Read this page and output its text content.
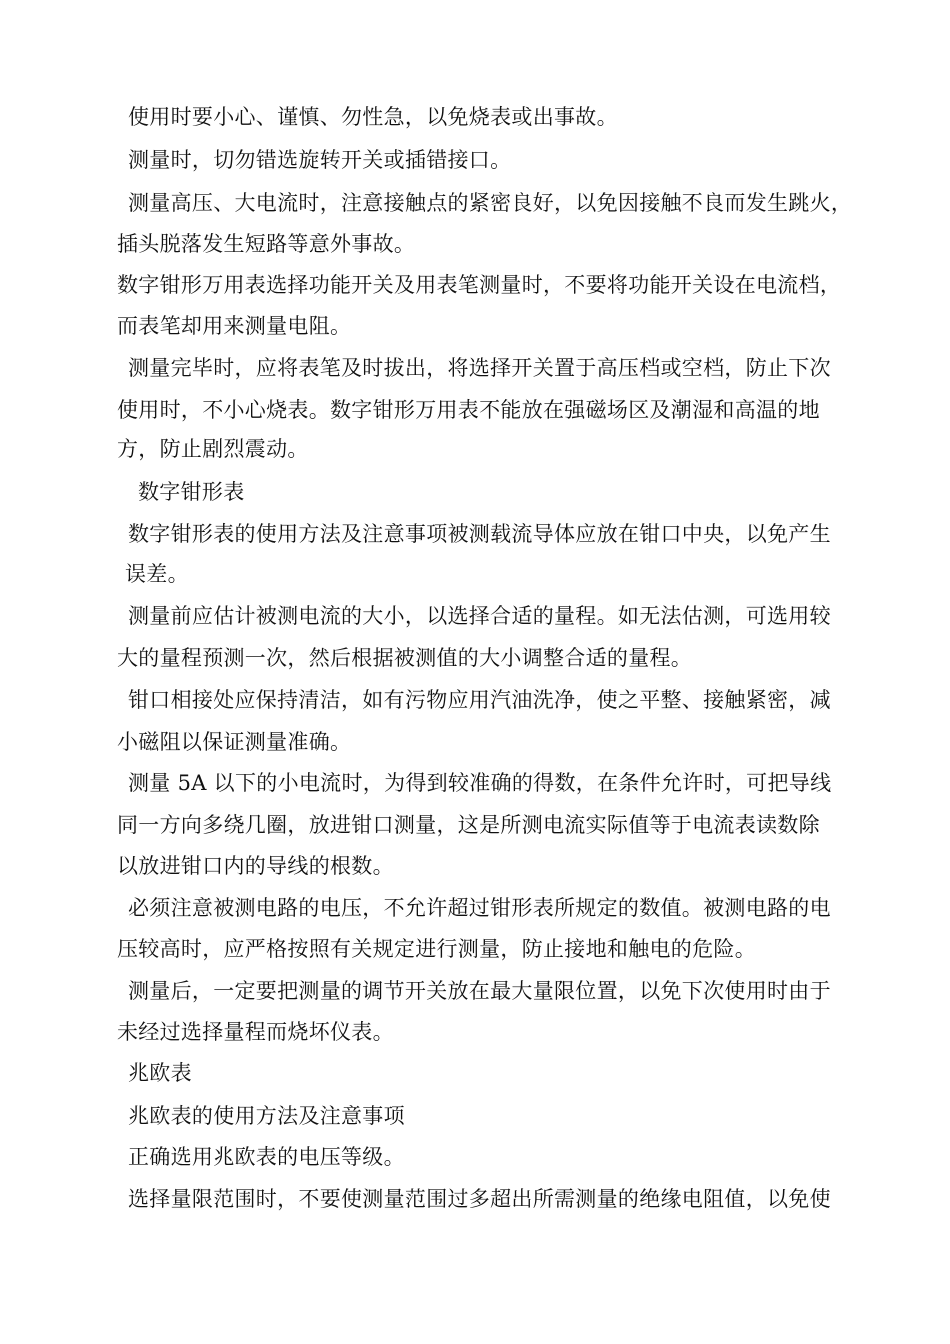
使用时要小心、谨慎、勿性急，以免烧表或出事故。
测量时，切勿错选旋转开关或插错接口。
测量高压、大电流时，注意接触点的紧密良好，以免因接触不良而发生跳火，
插头脱落发生短路等意外事故。
数字钳形万用表选择功能开关及用表笔测量时，不要将功能开关设在电流档，
而表笔却用来测量电阻。
测量完毕时，应将表笔及时拔出，将选择开关置于高压档或空档，防止下次
使用时，不小心烧表。数字钳形万用表不能放在强磁场区及潮湿和高温的地
方，防止剧烈震动。
数字钳形表
数字钳形表的使用方法及注意事项被测载流导体应放在钳口中央，以免产生
误差。
测量前应估计被测电流的大小，以选择合适的量程。如无法估测，可选用较
大的量程预测一次，然后根据被测值的大小调整合适的量程。
钳口相接处应保持清洁，如有污物应用汽油洗净，使之平整、接触紧密，减
小磁阻以保证测量准确。
测量 5A 以下的小电流时，为得到较准确的得数，在条件允许时，可把导线
同一方向多绕几圈，放进钳口测量，这是所测电流实际值等于电流表读数除
以放进钳口内的导线的根数。
必须注意被测电路的电压，不允许超过钳形表所规定的数值。被测电路的电
压较高时，应严格按照有关规定进行测量，防止接地和触电的危险。
测量后，一定要把测量的调节开关放在最大量限位置，以免下次使用时由于
未经过选择量程而烧坏仪表。
兆欧表
兆欧表的使用方法及注意事项
正确选用兆欧表的电压等级。
选择量限范围时，不要使测量范围过多超出所需测量的绝缘电阻值，以免使
